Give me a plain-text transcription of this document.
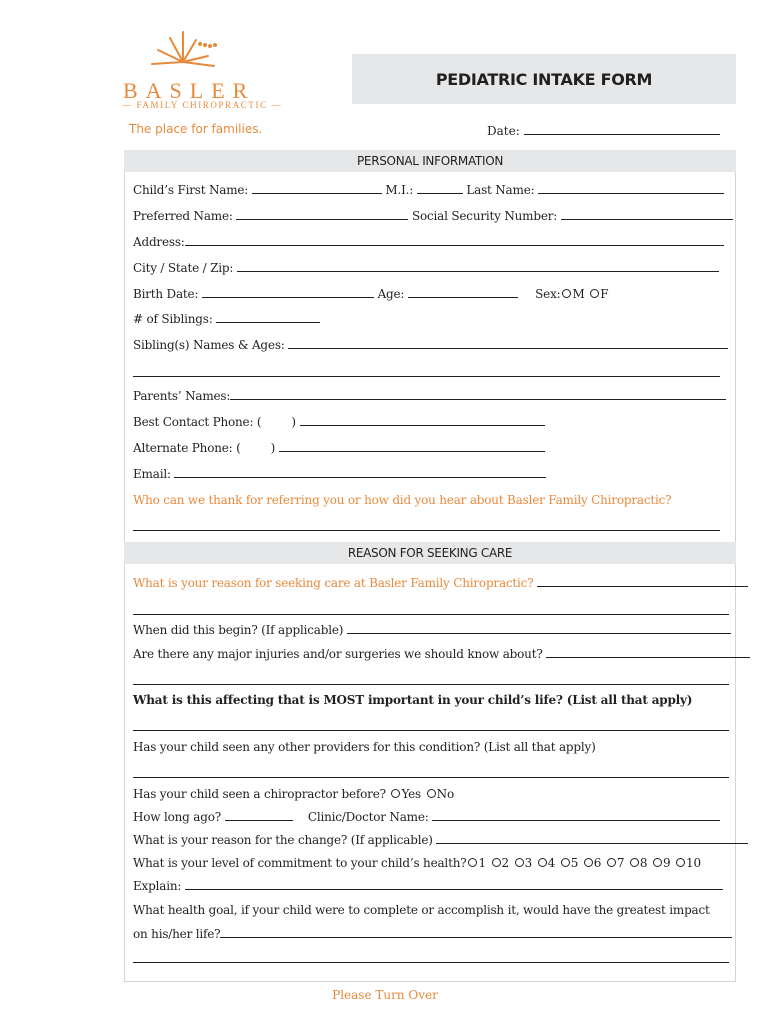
BASLER
— FAMILY CHIROPRACTIC —
The place for families.
PEDIATRIC INTAKE FORM
Date:
PERSONAL INFORMATION
Child’s First Name:	M.I.:	Last Name:
Preferred Name:	Social Security Number:
Address:
City / State / Zip:
Birth Date:	Age:	Sex: M F
# of Siblings:
Sibling(s) Names & Ages:
Parents’ Names:
Best Contact Phone: (	)
Alternate Phone: (	)
Email:
Who can we thank for referring you or how did you hear about Basler Family Chiropractic?
REASON FOR SEEKING CARE
What is your reason for seeking care at Basler Family Chiropractic?
When did this begin? (If applicable)
Are there any major injuries and/or surgeries we should know about?
What is this affecting that is MOST important in your child’s life? (List all that apply)
Has your child seen any other providers for this condition? (List all that apply)
Has your child seen a chiropractor before? Yes No
How long ago?	Clinic/Doctor Name:
What is your reason for the change? (If applicable)
What is your level of commitment to your child’s health? 1 2 3 4 5 6 7 8 9 10
Explain:
What health goal, if your child were to complete or accomplish it, would have the greatest impact
on his/her life?
Please Turn Over
